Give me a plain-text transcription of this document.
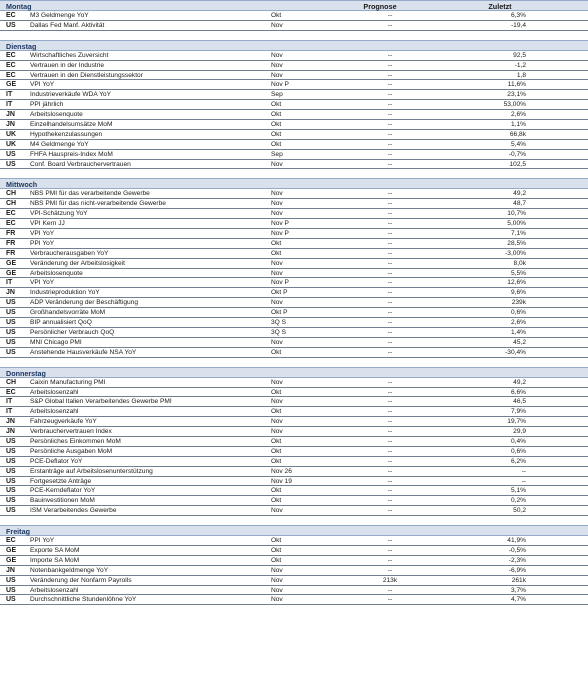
Montag	Prognose	Zuletzt
EC	M3 Geldmenge YoY	Okt	--	6,3%
US	Dallas Fed Manf. Aktivität	Nov	--	-19,4
Dienstag
EC	Wirtschaftliches Zuversicht	Nov	--	92,5
EC	Vertrauen in der Industrie	Nov	--	-1,2
EC	Vertrauen in den Dienstleistungssektor	Nov	--	1,8
GE	VPI YoY	Nov P	--	11,6%
IT	Industrieverkäufe WDA YoY	Sep	--	23,1%
IT	PPI jährlich	Okt	--	53,00%
JN	Arbeitslosenquote	Okt	--	2,6%
JN	Einzelhandelsumsätze MoM	Okt	--	1,1%
UK	Hypothekenzulassungen	Okt	--	66,8k
UK	M4 Geldmenge YoY	Okt	--	5,4%
US	FHFA Hauspreis-Index MoM	Sep	--	-0,7%
US	Conf. Board Verbrauchervertrauen	Nov	--	102,5
Mittwoch
CH	NBS PMI für das verarbeitende Gewerbe	Nov	--	49,2
CH	NBS PMI für das nicht-verarbeitende Gewerbe	Nov	--	48,7
EC	VPI-Schätzung YoY	Nov	--	10,7%
EC	VPI Kern JJ	Nov P	--	5,00%
FR	VPI YoY	Nov P	--	7,1%
FR	PPI YoY	Okt	--	28,5%
FR	Verbraucherausgaben YoY	Okt	--	-3,00%
GE	Veränderung der Arbeitslosigkeit	Nov	--	8,0k
GE	Arbeitslosenquote	Nov	--	5,5%
IT	VPI YoY	Nov P	--	12,6%
JN	Industrieproduktion YoY	Okt P	--	9,6%
US	ADP Veränderung der Beschäftigung	Nov	--	239k
US	Großhandelsvorräte MoM	Okt P	--	0,6%
US	BIP annualisiert QoQ	3Q S	--	2,6%
US	Persönlicher Verbrauch QoQ	3Q S	--	1,4%
US	MNI Chicago PMI	Nov	--	45,2
US	Anstehende Hausverkäufe NSA YoY	Okt	--	-30,4%
Donnerstag
CH	Caixin Manufacturing PMI	Nov	--	49,2
EC	Arbeitslosenzahl	Okt	--	6,6%
IT	S&P Global Italien Verarbeitendes Gewerbe PMI	Nov	--	46,5
IT	Arbeitslosenzahl	Okt	--	7,9%
JN	Fahrzeugverkäufe YoY	Nov	--	19,7%
JN	Verbrauchervertrauen Index	Nov	--	29,9
US	Persönliches Einkommen MoM	Okt	--	0,4%
US	Persönliche Ausgaben MoM	Okt	--	0,6%
US	PCE-Deflator YoY	Okt	--	6,2%
US	Erstanträge auf Arbeitslosenunterstützung	Nov 26	--	--
US	Fortgesetzte Anträge	Nov 19	--	--
US	PCE-Kerndeflator YoY	Okt	--	5,1%
US	Bauinvestitionen MoM	Okt	--	0,2%
US	ISM Verarbeitendes Gewerbe	Nov	--	50,2
Freitag
EC	PPI YoY	Okt	--	41,9%
GE	Exporte SA MoM	Okt	--	-0,5%
GE	Importe SA MoM	Okt	--	-2,3%
JN	Notenbankgeldmenge YoY	Nov	--	-6,9%
US	Veränderung der Nonfarm Payrolls	Nov	213k	261k
US	Arbeitslosenzahl	Nov	--	3,7%
US	Durchschnittliche Stundenlöhne YoY	Nov	--	4,7%
